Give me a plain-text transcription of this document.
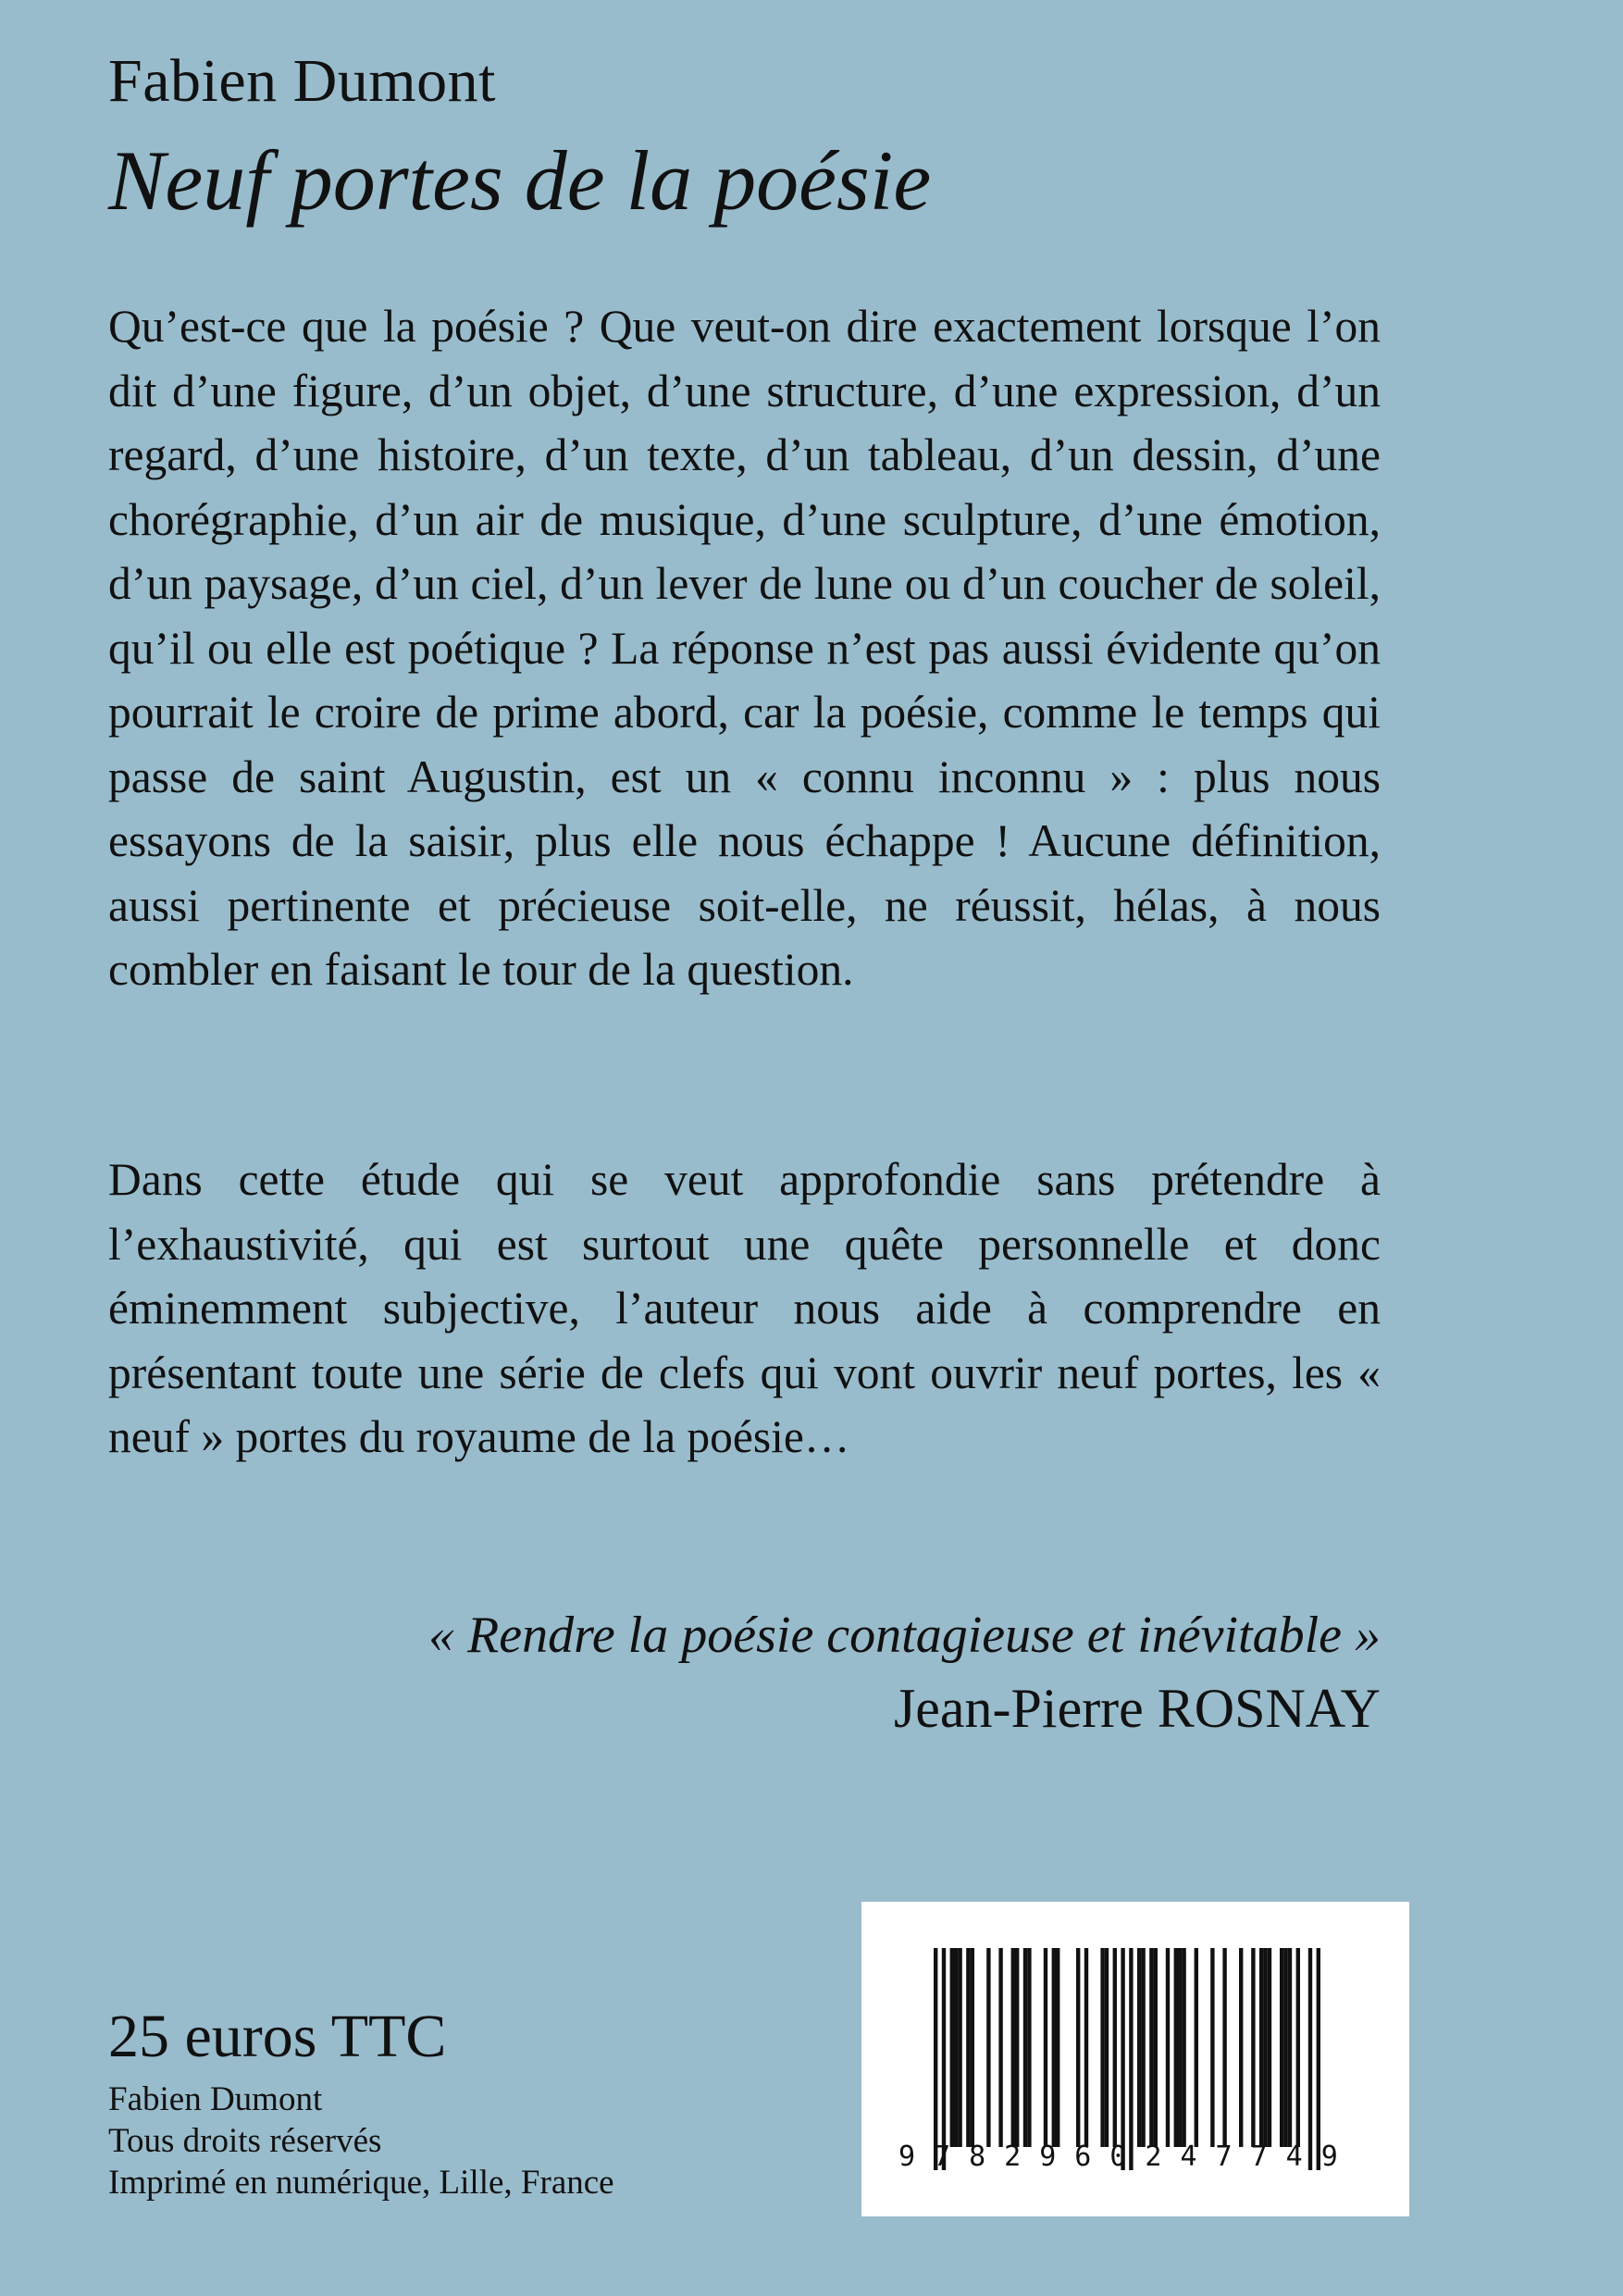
Fabien Dumont
Neuf portes de la poésie

Qu’est-ce que la poésie ? Que veut-on dire exactement lorsque l’on dit d’une figure, d’un objet, d’une structure, d’une expression, d’un regard, d’une histoire, d’un texte, d’un tableau, d’un dessin, d’une chorégraphie, d’un air de musique, d’une sculpture, d’une émotion, d’un paysage, d’un ciel, d’un lever de lune ou d’un coucher de soleil, qu’il ou elle est poétique ? La réponse n’est pas aussi évidente qu’on pourrait le croire de prime abord, car la poésie, comme le temps qui passe de saint Augustin, est un « connu inconnu » : plus nous essayons de la saisir, plus elle nous échappe ! Aucune définition, aussi pertinente et précieuse soit-elle, ne réussit, hélas, à nous combler en faisant le tour de la question.

Dans cette étude qui se veut approfondie sans prétendre à l’exhaustivité, qui est surtout une quête personnelle et donc éminemment subjective, l’auteur nous aide à comprendre en présentant toute une série de clefs qui vont ouvrir neuf portes, les « neuf » portes du royaume de la poésie…

« Rendre la poésie contagieuse et inévitable »
Jean-Pierre ROSNAY
25 euros TTC
Fabien Dumont
Tous droits réservés
Imprimé en numérique, Lille, France
9782960247749
